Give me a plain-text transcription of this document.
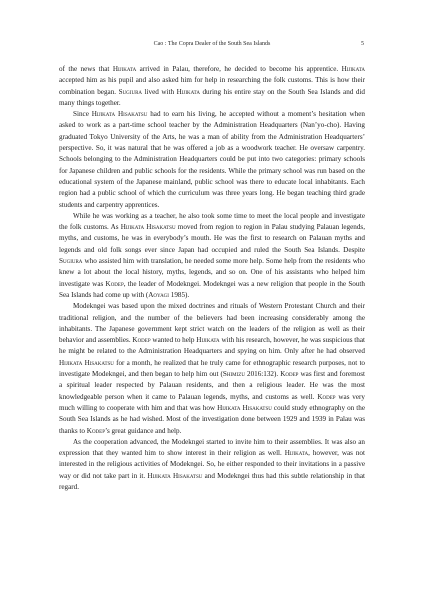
Cao : The Copra Dealer of the South Sea Islands	5

of the news that Hijikata arrived in Palau, therefore, he decided to become his apprentice. Hijikata accepted him as his pupil and also asked him for help in researching the folk customs. This is how their combination began. Sugiura lived with Hijikata during his entire stay on the South Sea Islands and did many things together.

Since Hijikata Hisakatsu had to earn his living, he accepted without a moment’s hesitation when asked to work as a part-time school teacher by the Administration Headquarters (Nan’yo-cho). Having graduated Tokyo University of the Arts, he was a man of ability from the Administration Headquarters’ perspective. So, it was natural that he was offered a job as a woodwork teacher. He oversaw carpentry. Schools belonging to the Administration Headquarters could be put into two categories: primary schools for Japanese children and public schools for the residents. While the primary school was run based on the educational system of the Japanese mainland, public school was there to educate local inhabitants. Each region had a public school of which the curriculum was three years long. He began teaching third grade students and carpentry apprentices.

While he was working as a teacher, he also took some time to meet the local people and investigate the folk customs. As Hijikata Hisakatsu moved from region to region in Palau studying Palauan legends, myths, and customs, he was in everybody’s mouth. He was the first to research on Palauan myths and legends and old folk songs ever since Japan had occupied and ruled the South Sea Islands. Despite Sugiura who assisted him with translation, he needed some more help. Some help from the residents who knew a lot about the local history, myths, legends, and so on. One of his assistants who helped him investigate was Kodep, the leader of Modekngei. Modekngei was a new religion that people in the South Sea Islands had come up with (Aoyagi 1985).

Modekngei was based upon the mixed doctrines and rituals of Western Protestant Church and their traditional religion, and the number of the believers had been increasing considerably among the inhabitants. The Japanese government kept strict watch on the leaders of the religion as well as their behavior and assemblies. Kodep wanted to help Hijikata with his research, however, he was suspicious that he might be related to the Administration Headquarters and spying on him. Only after he had observed Hijikata Hisakatsu for a month, he realized that he truly came for ethnographic research purposes, not to investigate Modekngei, and then began to help him out (Shimizu 2016:132). Kodep was first and foremost a spiritual leader respected by Palauan residents, and then a religious leader. He was the most knowledgeable person when it came to Palauan legends, myths, and customs as well. Kodep was very much willing to cooperate with him and that was how Hijikata Hisakatsu could study ethnography on the South Sea Islands as he had wished. Most of the investigation done between 1929 and 1939 in Palau was thanks to Kodep’s great guidance and help.

As the cooperation advanced, the Modekngei started to invite him to their assemblies. It was also an expression that they wanted him to show interest in their religion as well. Hijikata, however, was not interested in the religious activities of Modekngei. So, he either responded to their invitations in a passive way or did not take part in it. Hijikata Hisakatsu and Modekngei thus had this subtle relationship in that regard.
